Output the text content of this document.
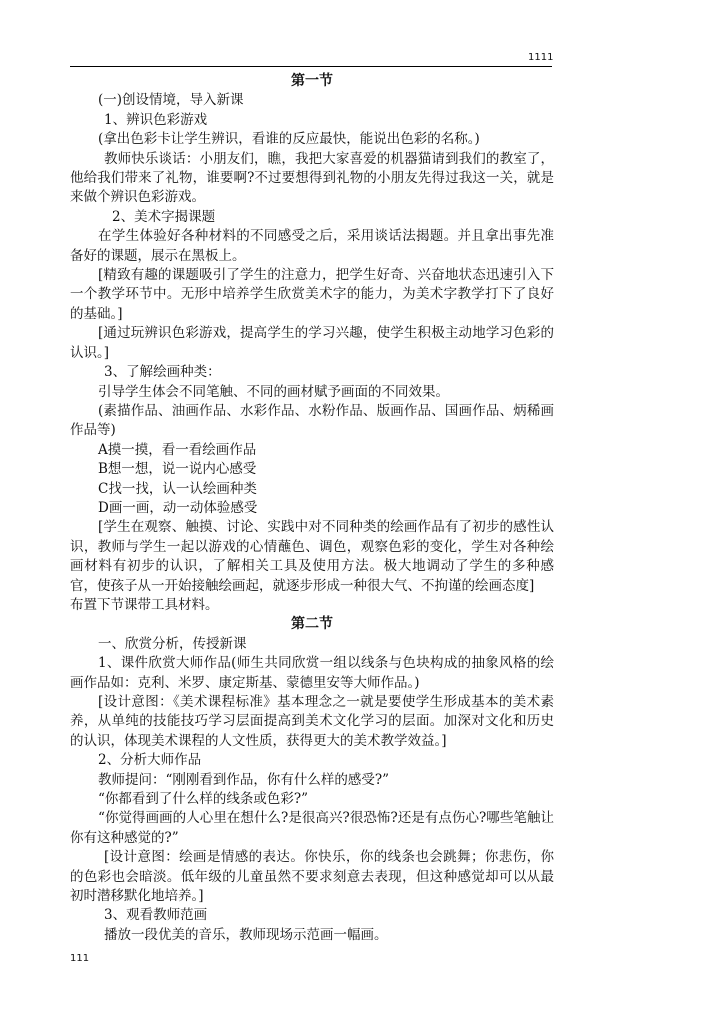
1111

第一节

(一)创设情境，导入新课

1、辨识色彩游戏

(拿出色彩卡让学生辨识，看谁的反应最快，能说出色彩的名称。)

教师快乐谈话：小朋友们，瞧，我把大家喜爱的机器猫请到我们的教室了，他给我们带来了礼物，谁要啊?不过要想得到礼物的小朋友先得过我这一关，就是来做个辨识色彩游戏。

2、美术字揭课题

在学生体验好各种材料的不同感受之后，采用谈话法揭题。并且拿出事先准备好的课题，展示在黑板上。

[精致有趣的课题吸引了学生的注意力，把学生好奇、兴奋地状态迅速引入下一个教学环节中。无形中培养学生欣赏美术字的能力，为美术字教学打下了良好的基础。]

[通过玩辨识色彩游戏，提高学生的学习兴趣，使学生积极主动地学习色彩的认识。]

3、了解绘画种类：

引导学生体会不同笔触、不同的画材赋予画面的不同效果。

(素描作品、油画作品、水彩作品、水粉作品、版画作品、国画作品、炳稀画作品等)

A摸一摸，看一看绘画作品

B想一想，说一说内心感受

C找一找，认一认绘画种类

D画一画，动一动体验感受

[学生在观察、触摸、讨论、实践中对不同种类的绘画作品有了初步的感性认识，教师与学生一起以游戏的心情蘸色、调色，观察色彩的变化，学生对各种绘画材料有初步的认识，了解相关工具及使用方法。极大地调动了学生的多种感官，使孩子从一开始接触绘画起，就逐步形成一种很大气、不拘谨的绘画态度]

布置下节课带工具材料。

第二节

一、欣赏分析，传授新课

1、课件欣赏大师作品(师生共同欣赏一组以线条与色块构成的抽象风格的绘画作品如：克利、米罗、康定斯基、蒙德里安等大师作品。)

[设计意图：《美术课程标准》基本理念之一就是要使学生形成基本的美术素养，从单纯的技能技巧学习层面提高到美术文化学习的层面。加深对文化和历史的认识，体现美术课程的人文性质，获得更大的美术教学效益。]

2、分析大师作品

教师提问：“刚刚看到作品，你有什么样的感受?”

“你都看到了什么样的线条或色彩?”

“你觉得画画的人心里在想什么?是很高兴?很恐怖?还是有点伤心?哪些笔触让你有这种感觉的?”

[设计意图：绘画是情感的表达。你快乐，你的线条也会跳舞；你悲伤，你的色彩也会暗淡。低年级的儿童虽然不要求刻意去表现，但这种感觉却可以从最初时潜移默化地培养。]

3、观看教师范画

播放一段优美的音乐，教师现场示范画一幅画。

111
